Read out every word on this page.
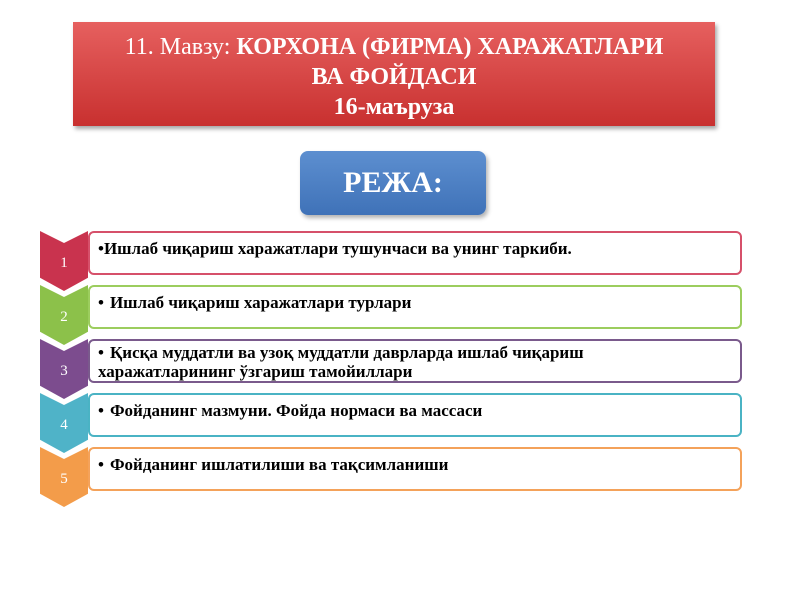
11. Мавзу: КОРХОНА (ФИРМА) ХАРАЖАТЛАРИ
ВА ФОЙДАСИ
16-маъруза
РЕЖА:
1
•Ишлаб чиқариш харажатлари тушунчаси ва унинг таркиби.
2
• Ишлаб чиқариш харажатлари турлари
3
• Қисқа муддатли ва узоқ муддатли даврларда ишлаб чиқариш
харажатларининг ўзгариш тамойиллари
4
• Фойданинг мазмуни. Фойда нормаси ва массаси
5
• Фойданинг ишлатилиши ва тақсимланиши
